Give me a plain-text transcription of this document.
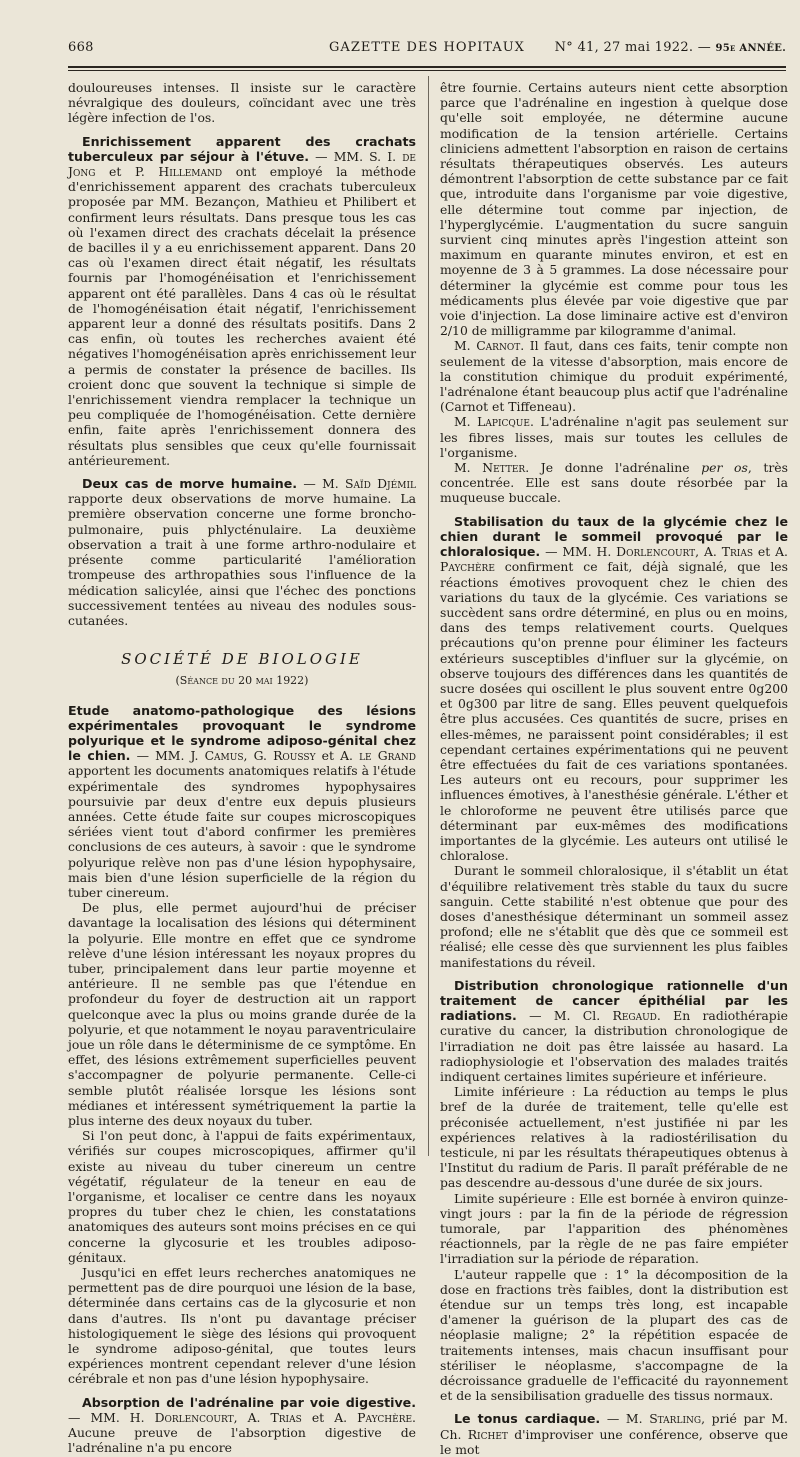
668	GAZETTE DES HOPITAUX	N° 41, 27 mai 1922. — 95e ANNÉE.

douloureuses intenses. Il insiste sur le caractère névralgique des douleurs, coïncidant avec une très légère infection de l'os.

Enrichissement apparent des crachats tuberculeux par séjour à l'étuve. — MM. S. I. de Jong et P. Hillemand ont employé la méthode d'enrichissement apparent des crachats tuberculeux proposée par MM. Bezançon, Mathieu et Philibert et confirment leurs résultats. Dans presque tous les cas où l'examen direct des crachats décelait la présence de bacilles il y a eu enrichissement apparent. Dans 20 cas où l'examen direct était négatif, les résultats fournis par l'homogénéisation et l'enrichissement apparent ont été parallèles. Dans 4 cas où le résultat de l'homogénéisation était négatif, l'enrichissement apparent leur a donné des résultats positifs. Dans 2 cas enfin, où toutes les recherches avaient été négatives l'homogénéisation après enrichissement leur a permis de constater la présence de bacilles. Ils croient donc que souvent la technique si simple de l'enrichissement viendra remplacer la technique un peu compliquée de l'homogénéisation. Cette dernière enfin, faite après l'enrichissement donnera des résultats plus sensibles que ceux qu'elle fournissait antérieurement.

Deux cas de morve humaine. — M. Saïd Djémil rapporte deux observations de morve humaine. La première observation concerne une forme broncho-pulmonaire, puis phlycténulaire. La deuxième observation a trait à une forme arthro-nodulaire et présente comme particularité l'amélioration trompeuse des arthropathies sous l'influence de la médication salicylée, ainsi que l'échec des ponctions successivement tentées au niveau des nodules sous-cutanées.

SOCIÉTÉ DE BIOLOGIE
(Séance du 20 mai 1922)

Etude anatomo-pathologique des lésions expérimentales provoquant le syndrome polyurique et le syndrome adiposo-génital chez le chien. — MM. J. Camus, G. Roussy et A. le Grand apportent les documents anatomiques relatifs à l'étude expérimentale des syndromes hypophysaires poursuivie par deux d'entre eux depuis plusieurs années. Cette étude faite sur coupes microscopiques sériées vient tout d'abord confirmer les premières conclusions de ces auteurs, à savoir : que le syndrome polyurique relève non pas d'une lésion hypophysaire, mais bien d'une lésion superficielle de la région du tuber cinereum.

De plus, elle permet aujourd'hui de préciser davantage la localisation des lésions qui déterminent la polyurie. Elle montre en effet que ce syndrome relève d'une lésion intéressant les noyaux propres du tuber, principalement dans leur partie moyenne et antérieure. Il ne semble pas que l'étendue en profondeur du foyer de destruction ait un rapport quelconque avec la plus ou moins grande durée de la polyurie, et que notamment le noyau paraventriculaire joue un rôle dans le déterminisme de ce symptôme. En effet, des lésions extrêmement superficielles peuvent s'accompagner de polyurie permanente. Celle-ci semble plutôt réalisée lorsque les lésions sont médianes et intéressent symétriquement la partie la plus interne des deux noyaux du tuber.

Si l'on peut donc, à l'appui de faits expérimentaux, vérifiés sur coupes microscopiques, affirmer qu'il existe au niveau du tuber cinereum un centre végétatif, régulateur de la teneur en eau de l'organisme, et localiser ce centre dans les noyaux propres du tuber chez le chien, les constatations anatomiques des auteurs sont moins précises en ce qui concerne la glycosurie et les troubles adiposo-génitaux.

Jusqu'ici en effet leurs recherches anatomiques ne permettent pas de dire pourquoi une lésion de la base, déterminée dans certains cas de la glycosurie et non dans d'autres. Ils n'ont pu davantage préciser histologiquement le siège des lésions qui provoquent le syndrome adiposo-génital, que toutes leurs expériences montrent cependant relever d'une lésion cérébrale et non pas d'une lésion hypophysaire.

Absorption de l'adrénaline par voie digestive. — MM. H. Dorlencourt, A. Trias et A. Paychère. Aucune preuve de l'absorption digestive de l'adrénaline n'a pu encore

être fournie. Certains auteurs nient cette absorption parce que l'adrénaline en ingestion à quelque dose qu'elle soit employée, ne détermine aucune modification de la tension artérielle. Certains cliniciens admettent l'absorption en raison de certains résultats thérapeutiques observés. Les auteurs démontrent l'absorption de cette substance par ce fait que, introduite dans l'organisme par voie digestive, elle détermine tout comme par injection, de l'hyperglycémie. L'augmentation du sucre sanguin survient cinq minutes après l'ingestion atteint son maximum en quarante minutes environ, et est en moyenne de 3 à 5 grammes. La dose nécessaire pour déterminer la glycémie est comme pour tous les médicaments plus élevée par voie digestive que par voie d'injection. La dose liminaire active est d'environ 2/10 de milligramme par kilogramme d'animal.

M. Carnot. Il faut, dans ces faits, tenir compte non seulement de la vitesse d'absorption, mais encore de la constitution chimique du produit expérimenté, l'adrénalone étant beaucoup plus actif que l'adrénaline (Carnot et Tiffeneau).

M. Lapicque. L'adrénaline n'agit pas seulement sur les fibres lisses, mais sur toutes les cellules de l'organisme.

M. Netter. Je donne l'adrénaline per os, très concentrée. Elle est sans doute résorbée par la muqueuse buccale.

Stabilisation du taux de la glycémie chez le chien durant le sommeil provoqué par le chloralosique. — MM. H. Dorlencourt, A. Trias et A. Paychère confirment ce fait, déjà signalé, que les réactions émotives provoquent chez le chien des variations du taux de la glycémie. Ces variations se succèdent sans ordre déterminé, en plus ou en moins, dans des temps relativement courts. Quelques précautions qu'on prenne pour éliminer les facteurs extérieurs susceptibles d'influer sur la glycémie, on observe toujours des différences dans les quantités de sucre dosées qui oscillent le plus souvent entre 0g200 et 0g300 par litre de sang. Elles peuvent quelquefois être plus accusées. Ces quantités de sucre, prises en elles-mêmes, ne paraissent point considérables; il est cependant certaines expérimentations qui ne peuvent être effectuées du fait de ces variations spontanées. Les auteurs ont eu recours, pour supprimer les influences émotives, à l'anesthésie générale. L'éther et le chloroforme ne peuvent être utilisés parce que déterminant par eux-mêmes des modifications importantes de la glycémie. Les auteurs ont utilisé le chloralose.

Durant le sommeil chloralosique, il s'établit un état d'équilibre relativement très stable du taux du sucre sanguin. Cette stabilité n'est obtenue que pour des doses d'anesthésique déterminant un sommeil assez profond; elle ne s'établit que dès que ce sommeil est réalisé; elle cesse dès que surviennent les plus faibles manifestations du réveil.

Distribution chronologique rationnelle d'un traitement de cancer épithélial par les radiations. — M. Cl. Regaud. En radiothérapie curative du cancer, la distribution chronologique de l'irradiation ne doit pas être laissée au hasard. La radiophysiologie et l'observation des malades traités indiquent certaines limites supérieure et inférieure.

Limite inférieure : La réduction au temps le plus bref de la durée de traitement, telle qu'elle est préconisée actuellement, n'est justifiée ni par les expériences relatives à la radiostérilisation du testicule, ni par les résultats thérapeutiques obtenus à l'Institut du radium de Paris. Il paraît préférable de ne pas descendre au-dessous d'une durée de six jours.

Limite supérieure : Elle est bornée à environ quinze-vingt jours : par la fin de la période de régression tumorale, par l'apparition des phénomènes réactionnels, par la règle de ne pas faire empiéter l'irradiation sur la période de réparation.

L'auteur rappelle que : 1° la décomposition de la dose en fractions très faibles, dont la distribution est étendue sur un temps très long, est incapable d'amener la guérison de la plupart des cas de néoplasie maligne; 2° la répétition espacée de traitements intenses, mais chacun insuffisant pour stériliser le néoplasme, s'accompagne de la décroissance graduelle de l'efficacité du rayonnement et de la sensibilisation graduelle des tissus normaux.

Le tonus cardiaque. — M. Starling, prié par M. Ch. Richet d'improviser une conférence, observe que le mot
